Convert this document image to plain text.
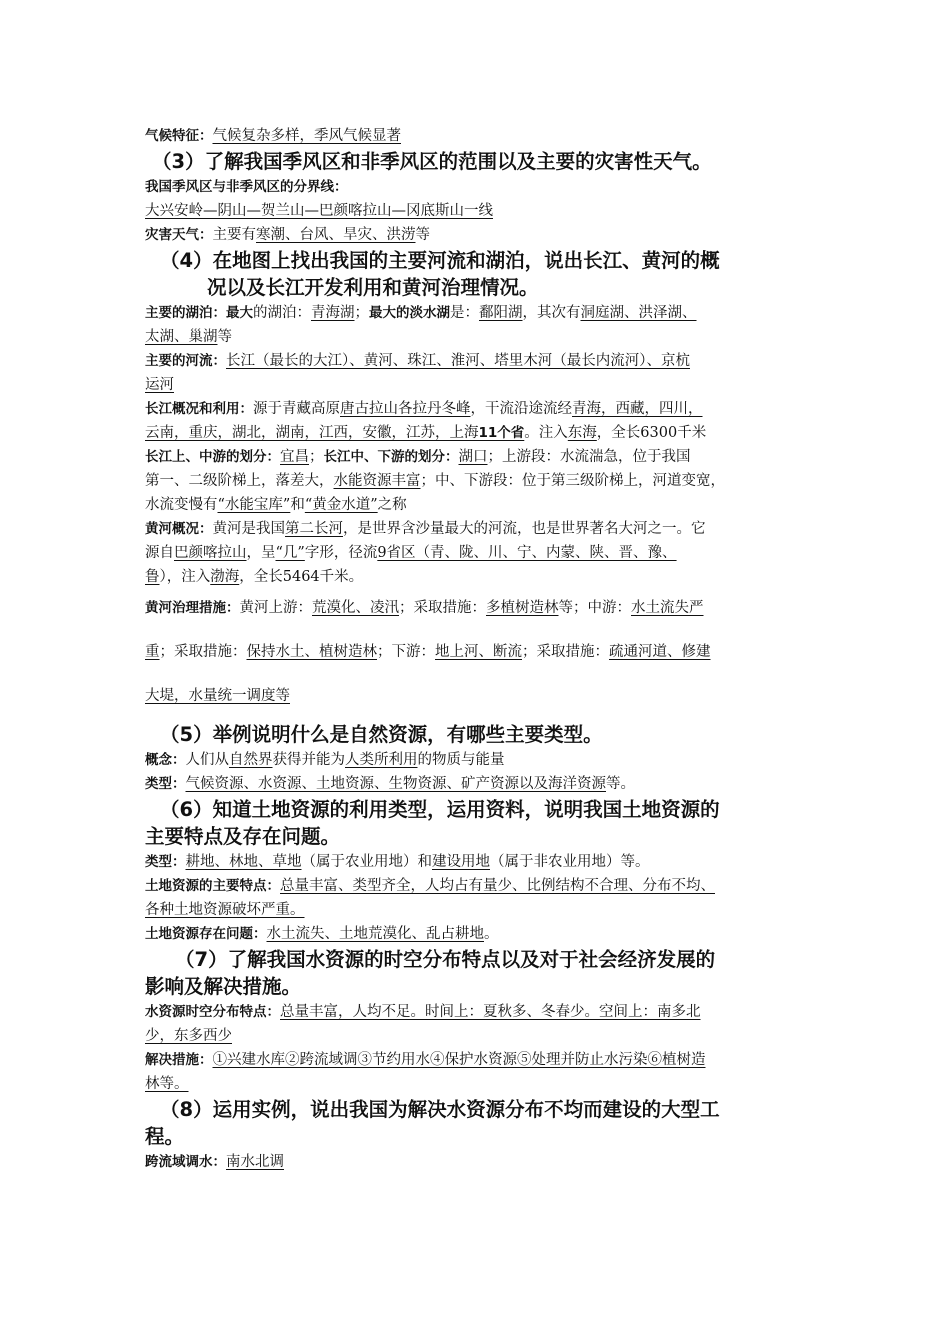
气候特征：气候复杂多样，季风气候显著
（3）了解我国季风区和非季风区的范围以及主要的灾害性天气。
我国季风区与非季风区的分界线：
大兴安岭—阴山—贺兰山—巴颜喀拉山—冈底斯山一线
灾害天气：主要有寒潮、台风、旱灾、洪涝等
（4）在地图上找出我国的主要河流和湖泊，说出长江、黄河的概
况以及长江开发利用和黄河治理情况。
主要的湖泊：最大的湖泊：青海湖；最大的淡水湖是：鄱阳湖，其次有洞庭湖、洪泽湖、
太湖、巢湖等
主要的河流：长江（最长的大江）、黄河、珠江、淮河、塔里木河（最长内流河）、京杭
运河
长江概况和利用：源于青藏高原唐古拉山各拉丹冬峰，干流沿途流经青海，西藏，四川，
云南，重庆，湖北，湖南，江西，安徽，江苏，上海11个省。注入东海，全长6300千米
长江上、中游的划分：宜昌；长江中、下游的划分：湖口；上游段：水流湍急，位于我国
第一、二级阶梯上，落差大，水能资源丰富；中、下游段：位于第三级阶梯上，河道变宽，
水流变慢有“水能宝库”和“黄金水道”之称
黄河概况：黄河是我国第二长河，是世界含沙量最大的河流，也是世界著名大河之一。它
源自巴颜喀拉山，呈“几”字形，径流9省区（青、陇、川、宁、内蒙、陕、晋、豫、
鲁），注入渤海，全长5464千米。
黄河治理措施：黄河上游：荒漠化、凌汛；采取措施：多植树造林等；中游：水土流失严
重；采取措施：保持水土、植树造林；下游：地上河、断流；采取措施：疏通河道、修建
大堤，水量统一调度等
（5）举例说明什么是自然资源，有哪些主要类型。
概念：人们从自然界获得并能为人类所利用的物质与能量
类型：气候资源、水资源、土地资源、生物资源、矿产资源以及海洋资源等。
（6）知道土地资源的利用类型，运用资料，说明我国土地资源的
主要特点及存在问题。
类型：耕地、林地、草地（属于农业用地）和建设用地（属于非农业用地）等。
土地资源的主要特点：总量丰富、类型齐全，人均占有量少、比例结构不合理、分布不均、
各种土地资源破坏严重。
土地资源存在问题：水土流失、土地荒漠化、乱占耕地。
（7）了解我国水资源的时空分布特点以及对于社会经济发展的
影响及解决措施。
水资源时空分布特点：总量丰富，人均不足。时间上：夏秋多、冬春少。空间上：南多北
少，东多西少
解决措施：①兴建水库②跨流域调③节约用水④保护水资源⑤处理并防止水污染⑥植树造
林等。
（8）运用实例，说出我国为解决水资源分布不均而建设的大型工
程。
跨流域调水：南水北调
